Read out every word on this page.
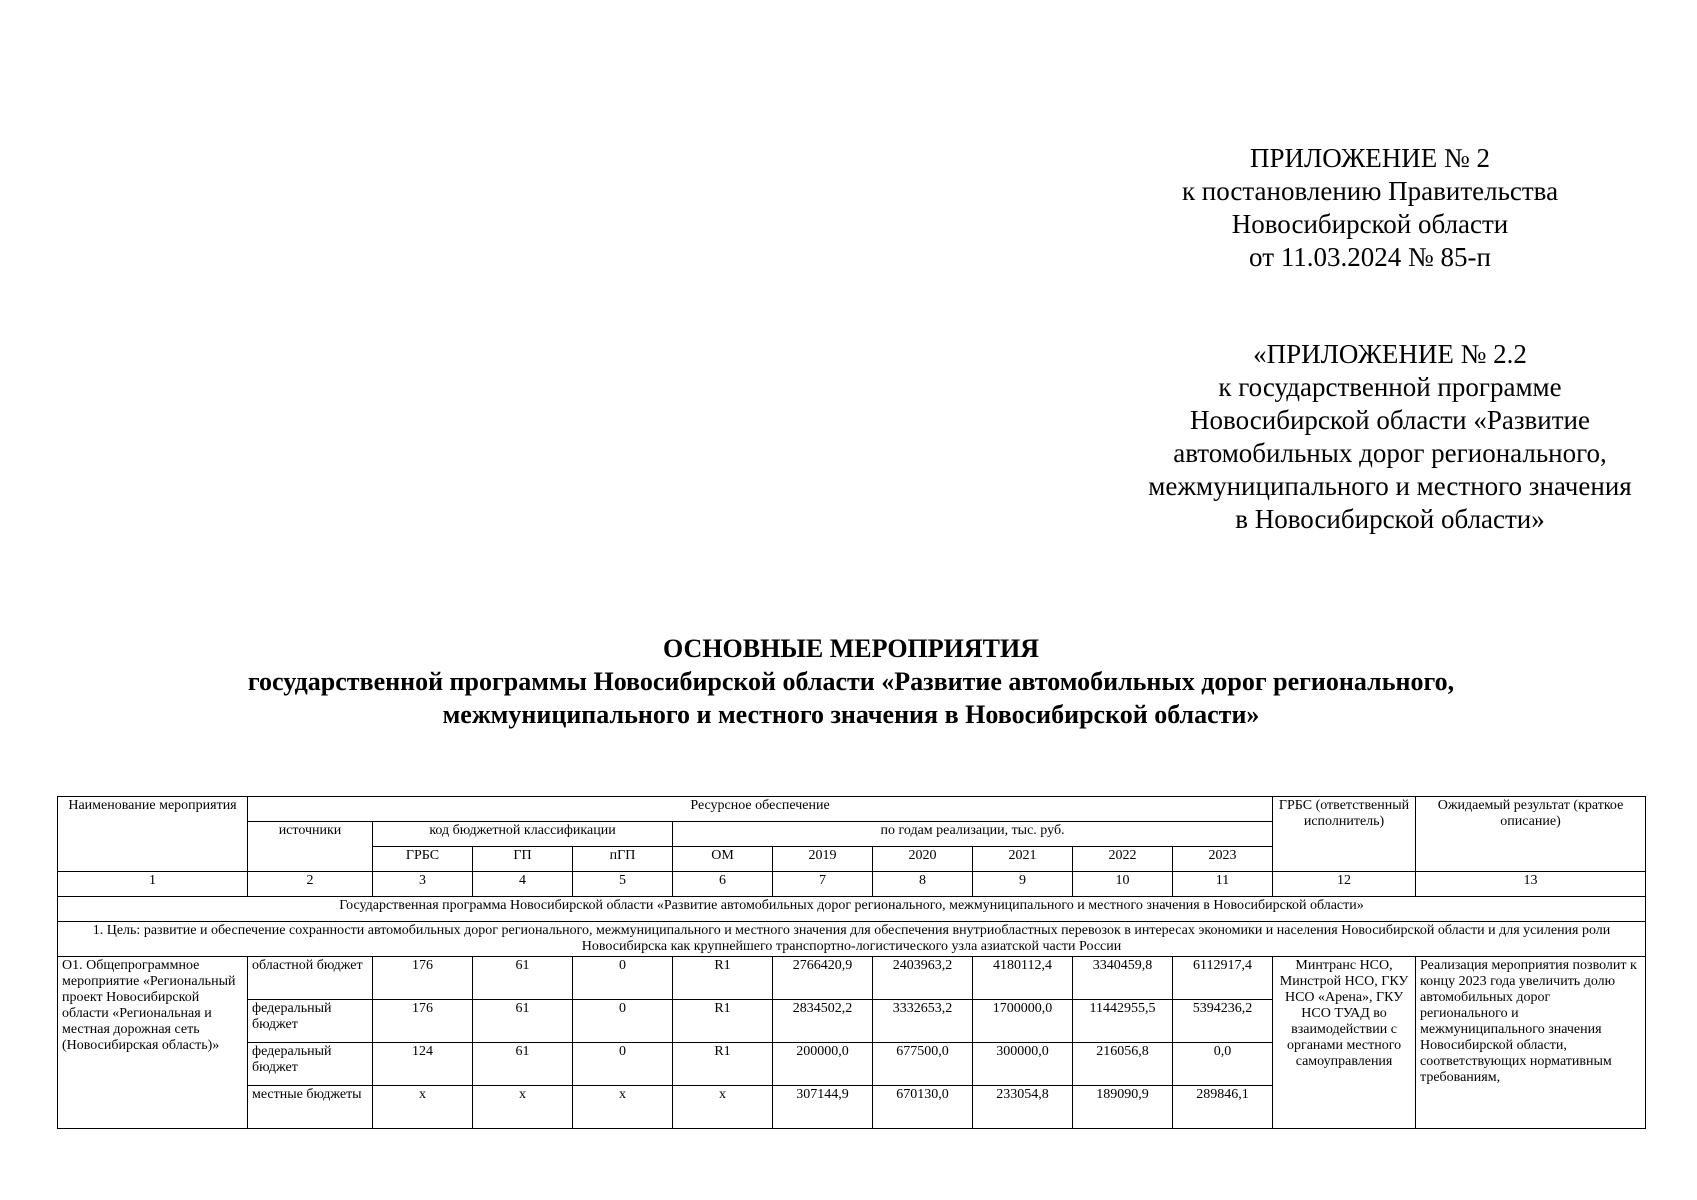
ПРИЛОЖЕНИЕ № 2
к постановлению Правительства
Новосибирской области
от 11.03.2024 № 85-п
«ПРИЛОЖЕНИЕ № 2.2
к государственной программе
Новосибирской области «Развитие
автомобильных дорог регионального,
межмуниципального и местного значения
в Новосибирской области»
ОСНОВНЫЕ МЕРОПРИЯТИЯ
государственной программы Новосибирской области «Развитие автомобильных дорог регионального,
межмуниципального и местного значения в Новосибирской области»
Наименование мероприятия	Ресурсное обеспечение										ГРБС (ответственный исполнитель)	Ожидаемый результат (краткое описание)
	источники	код бюджетной классификации			по годам реализации, тыс. руб.							
		ГРБС	ГП	пГП	ОМ	2019	2020	2021	2022	2023		
1	2	3	4	5	6	7	8	9	10	11	12	13
Государственная программа Новосибирской области «Развитие автомобильных дорог регионального, межмуниципального и местного значения в Новосибирской области»												
1. Цель: развитие и обеспечение сохранности автомобильных дорог регионального, межмуниципального и местного значения для обеспечения внутриобластных перевозок в интересах экономики и населения Новосибирской области и для усиления роли Новосибирска как крупнейшего транспортно-логистического узла азиатской части России												
О1. Общепрограммное мероприятие «Региональный проект Новосибирской области «Региональная и местная дорожная сеть (Новосибирская область)»	областной бюджет	176	61	0	R1	2766420,9	2403963,2	4180112,4	3340459,8	6112917,4	Минтранс НСО, Минстрой НСО, ГКУ НСО «Арена», ГКУ НСО ТУАД во взаимодействии с органами местного самоуправления	Реализация мероприятия позволит к концу 2023 года увеличить долю автомобильных дорог регионального и межмуниципального значения Новосибирской области, соответствующих нормативным требованиям,
	федеральный бюджет	176	61	0	R1	2834502,2	3332653,2	1700000,0	11442955,5	5394236,2		
	федеральный бюджет	124	61	0	R1	200000,0	677500,0	300000,0	216056,8	0,0		
	местные бюджеты	x	x	x	x	307144,9	670130,0	233054,8	189090,9	289846,1		
